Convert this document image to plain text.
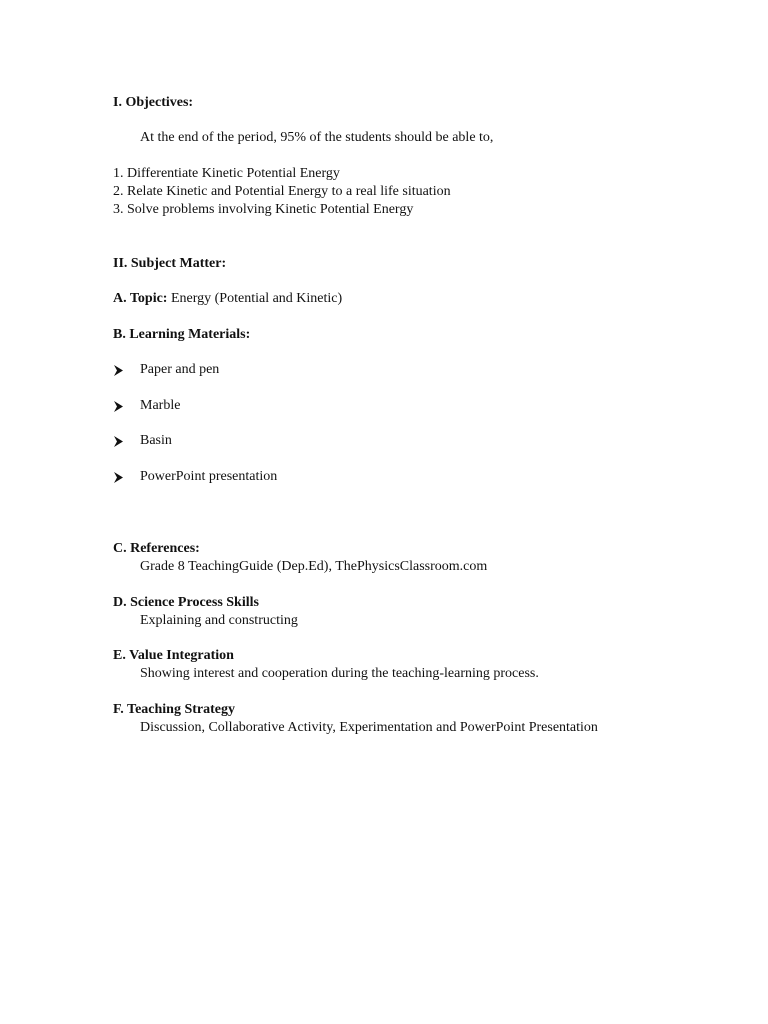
I. Objectives:
At the end of the period, 95% of the students should be able to,
1. Differentiate Kinetic Potential Energy
2. Relate Kinetic and Potential Energy to a real life situation
3. Solve problems involving Kinetic Potential Energy
II. Subject Matter:
A. Topic: Energy (Potential and Kinetic)
B. Learning Materials:
Paper and pen
Marble
Basin
PowerPoint presentation
C. References:
Grade 8 TeachingGuide (Dep.Ed), ThePhysicsClassroom.com
D. Science Process Skills
Explaining and constructing
E. Value Integration
Showing interest and cooperation during the teaching-learning process.
F. Teaching Strategy
Discussion, Collaborative Activity, Experimentation and PowerPoint Presentation
